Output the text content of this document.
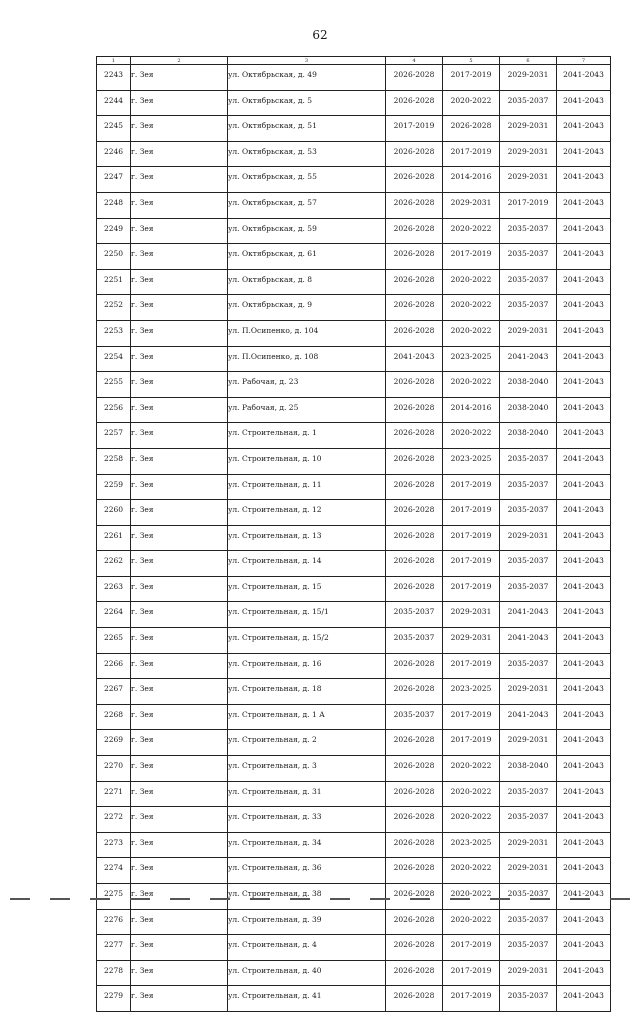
62
1	2	3	4	5	6	7
2243	г. Зея	ул. Октябрьская, д. 49	2026-2028	2017-2019	2029-2031	2041-2043
2244	г. Зея	ул. Октябрьская, д. 5	2026-2028	2020-2022	2035-2037	2041-2043
2245	г. Зея	ул. Октябрьская, д. 51	2017-2019	2026-2028	2029-2031	2041-2043
2246	г. Зея	ул. Октябрьская, д. 53	2026-2028	2017-2019	2029-2031	2041-2043
2247	г. Зея	ул. Октябрьская, д. 55	2026-2028	2014-2016	2029-2031	2041-2043
2248	г. Зея	ул. Октябрьская, д. 57	2026-2028	2029-2031	2017-2019	2041-2043
2249	г. Зея	ул. Октябрьская, д. 59	2026-2028	2020-2022	2035-2037	2041-2043
2250	г. Зея	ул. Октябрьская, д. 61	2026-2028	2017-2019	2035-2037	2041-2043
2251	г. Зея	ул. Октябрьская, д. 8	2026-2028	2020-2022	2035-2037	2041-2043
2252	г. Зея	ул. Октябрьская, д. 9	2026-2028	2020-2022	2035-2037	2041-2043
2253	г. Зея	ул. П.Осипенко, д. 104	2026-2028	2020-2022	2029-2031	2041-2043
2254	г. Зея	ул. П.Осипенко, д. 108	2041-2043	2023-2025	2041-2043	2041-2043
2255	г. Зея	ул. Рабочая, д. 23	2026-2028	2020-2022	2038-2040	2041-2043
2256	г. Зея	ул. Рабочая, д. 25	2026-2028	2014-2016	2038-2040	2041-2043
2257	г. Зея	ул. Строительная, д. 1	2026-2028	2020-2022	2038-2040	2041-2043
2258	г. Зея	ул. Строительная, д. 10	2026-2028	2023-2025	2035-2037	2041-2043
2259	г. Зея	ул. Строительная, д. 11	2026-2028	2017-2019	2035-2037	2041-2043
2260	г. Зея	ул. Строительная, д. 12	2026-2028	2017-2019	2035-2037	2041-2043
2261	г. Зея	ул. Строительная, д. 13	2026-2028	2017-2019	2029-2031	2041-2043
2262	г. Зея	ул. Строительная, д. 14	2026-2028	2017-2019	2035-2037	2041-2043
2263	г. Зея	ул. Строительная, д. 15	2026-2028	2017-2019	2035-2037	2041-2043
2264	г. Зея	ул. Строительная, д. 15/1	2035-2037	2029-2031	2041-2043	2041-2043
2265	г. Зея	ул. Строительная, д. 15/2	2035-2037	2029-2031	2041-2043	2041-2043
2266	г. Зея	ул. Строительная, д. 16	2026-2028	2017-2019	2035-2037	2041-2043
2267	г. Зея	ул. Строительная, д. 18	2026-2028	2023-2025	2029-2031	2041-2043
2268	г. Зея	ул. Строительная, д. 1 А	2035-2037	2017-2019	2041-2043	2041-2043
2269	г. Зея	ул. Строительная, д. 2	2026-2028	2017-2019	2029-2031	2041-2043
2270	г. Зея	ул. Строительная, д. 3	2026-2028	2020-2022	2038-2040	2041-2043
2271	г. Зея	ул. Строительная, д. 31	2026-2028	2020-2022	2035-2037	2041-2043
2272	г. Зея	ул. Строительная, д. 33	2026-2028	2020-2022	2035-2037	2041-2043
2273	г. Зея	ул. Строительная, д. 34	2026-2028	2023-2025	2029-2031	2041-2043
2274	г. Зея	ул. Строительная, д. 36	2026-2028	2020-2022	2029-2031	2041-2043
2275	г. Зея	ул. Строительная, д. 38	2026-2028	2020-2022	2035-2037	2041-2043
2276	г. Зея	ул. Строительная, д. 39	2026-2028	2020-2022	2035-2037	2041-2043
2277	г. Зея	ул. Строительная, д. 4	2026-2028	2017-2019	2035-2037	2041-2043
2278	г. Зея	ул. Строительная, д. 40	2026-2028	2017-2019	2029-2031	2041-2043
2279	г. Зея	ул. Строительная, д. 41	2026-2028	2017-2019	2035-2037	2041-2043
